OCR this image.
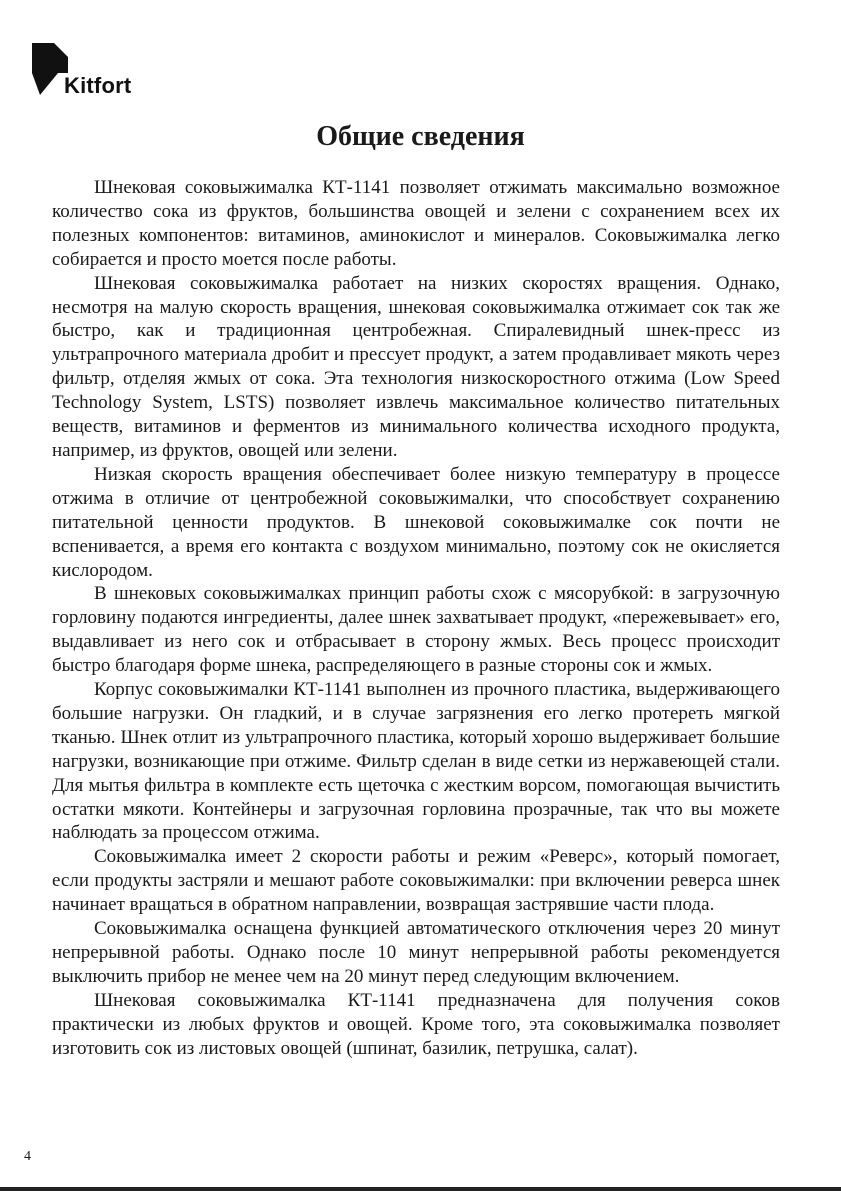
Kitfort
Общие сведения

Шнековая соковыжималка КТ-1141 позволяет отжимать максимально возможное количество сока из фруктов, большинства овощей и зелени с сохранением всех их полезных компонентов: витаминов, аминокислот и минералов. Соковыжималка легко собирается и просто моется после работы.

Шнековая соковыжималка работает на низких скоростях вращения. Однако, несмотря на малую скорость вращения, шнековая соковыжималка отжимает сок так же быстро, как и традиционная центробежная. Спиралевидный шнек-пресс из ультрапрочного материала дробит и прессует продукт, а затем продавливает мякоть через фильтр, отделяя жмых от сока. Эта технология низкоскоростного отжима (Low Speed Technology System, LSTS) позволяет извлечь максимальное количество питательных веществ, витаминов и ферментов из минимального количества исходного продукта, например, из фруктов, овощей или зелени.

Низкая скорость вращения обеспечивает более низкую температуру в процессе отжима в отличие от центробежной соковыжималки, что способствует сохранению питательной ценности продуктов. В шнековой соковыжималке сок почти не вспенивается, а время его контакта с воздухом минимально, поэтому сок не окисляется кислородом.

В шнековых соковыжималках принцип работы схож с мясорубкой: в загрузочную горловину подаются ингредиенты, далее шнек захватывает продукт, «пережевывает» его, выдавливает из него сок и отбрасывает в сторону жмых. Весь процесс происходит быстро благодаря форме шнека, распределяющего в разные стороны сок и жмых.

Корпус соковыжималки КТ-1141 выполнен из прочного пластика, выдерживающего большие нагрузки. Он гладкий, и в случае загрязнения его легко протереть мягкой тканью. Шнек отлит из ультрапрочного пластика, который хорошо выдерживает большие нагрузки, возникающие при отжиме. Фильтр сделан в виде сетки из нержавеющей стали. Для мытья фильтра в комплекте есть щеточка с жестким ворсом, помогающая вычистить остатки мякоти. Контейнеры и загрузочная горловина прозрачные, так что вы можете наблюдать за процессом отжима.

Соковыжималка имеет 2 скорости работы и режим «Реверс», который помогает, если продукты застряли и мешают работе соковыжималки: при включении реверса шнек начинает вращаться в обратном направлении, возвращая застрявшие части плода.

Соковыжималка оснащена функцией автоматического отключения через 20 минут непрерывной работы. Однако после 10 минут непрерывной работы рекомендуется выключить прибор не менее чем на 20 минут перед следующим включением.

Шнековая соковыжималка КТ-1141 предназначена для получения соков практически из любых фруктов и овощей. Кроме того, эта соковыжималка позволяет изготовить сок из листовых овощей (шпинат, базилик, петрушка, салат).

4
